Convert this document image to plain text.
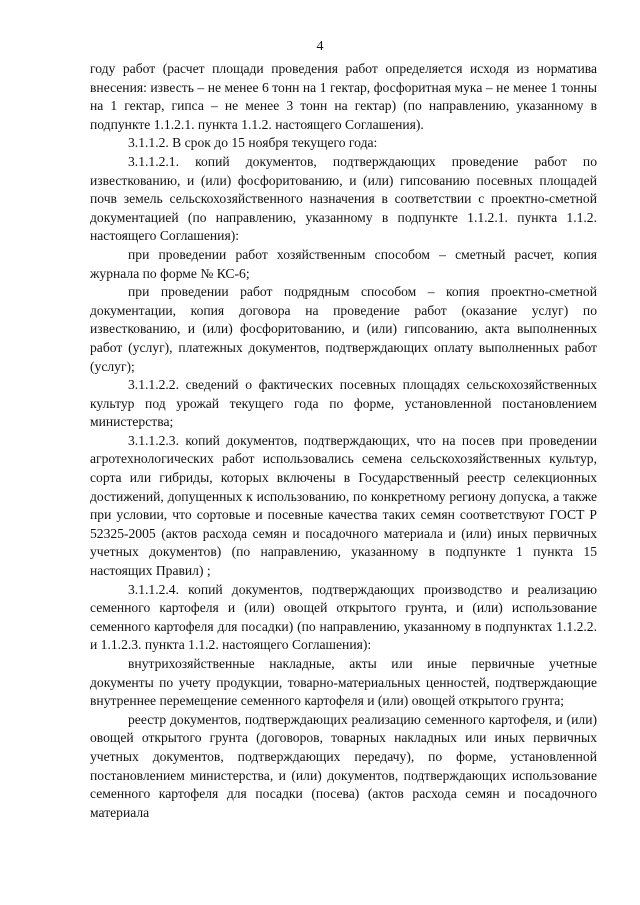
4

году работ (расчет площади проведения работ определяется исходя из норматива внесения: известь – не менее 6 тонн на 1 гектар, фосфоритная мука – не менее 1 тонны на 1 гектар, гипса – не менее 3 тонн на гектар) (по направлению, указанному в подпункте 1.1.2.1. пункта 1.1.2. настоящего Соглашения).

3.1.1.2. В срок до 15 ноября текущего года:

3.1.1.2.1. копий документов, подтверждающих проведение работ по известкованию, и (или) фосфоритованию, и (или) гипсованию посевных площадей почв земель сельскохозяйственного назначения в соответствии с проектно-сметной документацией (по направлению, указанному в подпункте 1.1.2.1. пункта 1.1.2. настоящего Соглашения):

при проведении работ хозяйственным способом – сметный расчет, копия журнала по форме № КС-6;

при проведении работ подрядным способом – копия проектно-сметной документации, копия договора на проведение работ (оказание услуг) по известкованию, и (или) фосфоритованию, и (или) гипсованию, акта выполненных работ (услуг), платежных документов, подтверждающих оплату выполненных работ (услуг);

3.1.1.2.2. сведений о фактических посевных площадях сельскохозяйственных культур под урожай текущего года по форме, установленной постановлением министерства;

3.1.1.2.3. копий документов, подтверждающих, что на посев при проведении агротехнологических работ использовались семена сельскохозяйственных культур, сорта или гибриды, которых включены в Государственный реестр селекционных достижений, допущенных к использованию, по конкретному региону допуска, а также при условии, что сортовые и посевные качества таких семян соответствуют ГОСТ Р 52325-2005 (актов расхода семян и посадочного материала и (или) иных первичных учетных документов) (по направлению, указанному в подпункте 1 пункта 15 настоящих Правил) ;

3.1.1.2.4. копий документов, подтверждающих производство и реализацию семенного картофеля и (или) овощей открытого грунта, и (или) использование семенного картофеля для посадки) (по направлению, указанному в подпунктах 1.1.2.2. и 1.1.2.3. пункта 1.1.2. настоящего Соглашения):

внутрихозяйственные накладные, акты или иные первичные учетные документы по учету продукции, товарно-материальных ценностей, подтверждающие внутреннее перемещение семенного картофеля и (или) овощей открытого грунта;

реестр документов, подтверждающих реализацию семенного картофеля, и (или) овощей открытого грунта (договоров, товарных накладных или иных первичных учетных документов, подтверждающих передачу), по форме, установленной постановлением министерства, и (или) документов, подтверждающих использование семенного картофеля для посадки (посева) (актов расхода семян и посадочного материала
